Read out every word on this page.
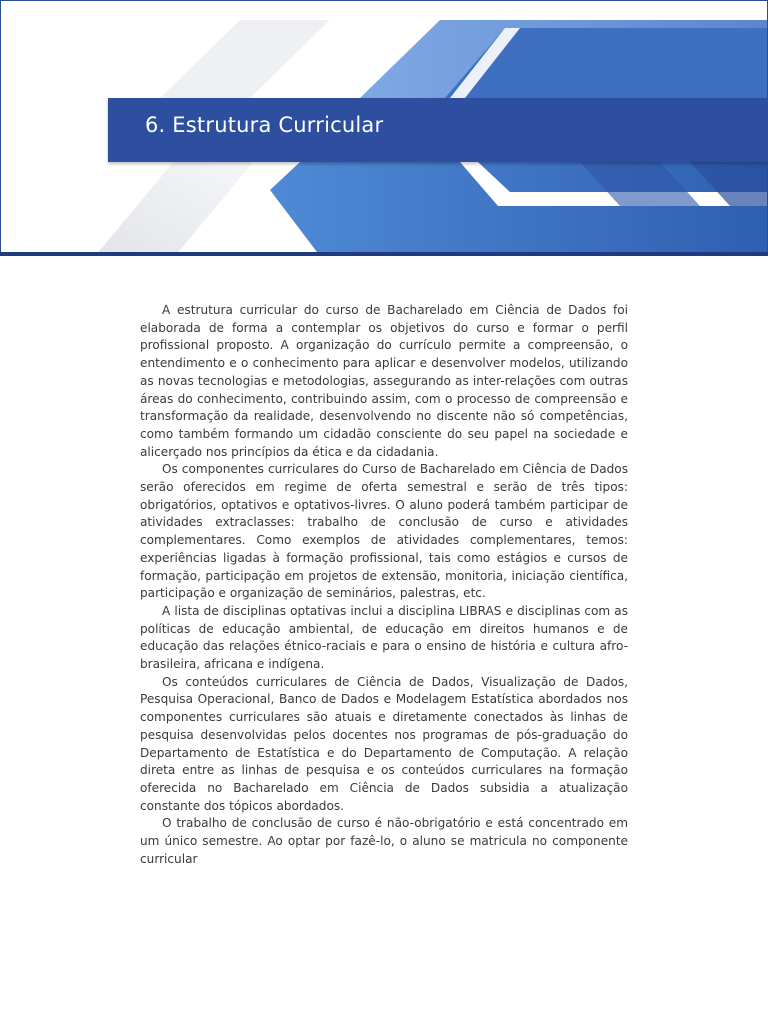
6. Estrutura Curricular

A estrutura curricular do curso de Bacharelado em Ciência de Dados foi elaborada de forma a contemplar os objetivos do curso e formar o perfil profissional proposto. A organização do currículo permite a compreensão, o entendimento e o conhecimento para aplicar e desenvolver modelos, utilizando as novas tecnologias e metodologias, assegurando as inter-relações com outras áreas do conhecimento, contribuindo assim, com o processo de compreensão e transformação da realidade, desenvolvendo no discente não só competências, como também formando um cidadão consciente do seu papel na sociedade e alicerçado nos princípios da ética e da cidadania.

Os componentes curriculares do Curso de Bacharelado em Ciência de Dados serão oferecidos em regime de oferta semestral e serão de três tipos: obrigatórios, optativos e optativos-livres. O aluno poderá também participar de atividades extraclasses: trabalho de conclusão de curso e atividades complementares. Como exemplos de atividades complementares, temos: experiências ligadas à formação profissional, tais como estágios e cursos de formação, participação em projetos de extensão, monitoria, iniciação científica, participação e organização de seminários, palestras, etc.

A lista de disciplinas optativas inclui a disciplina LIBRAS e disciplinas com as políticas de educação ambiental, de educação em direitos humanos e de educação das relações étnico-raciais e para o ensino de história e cultura afro-brasileira, africana e indígena.

Os conteúdos curriculares de Ciência de Dados, Visualização de Dados, Pesquisa Operacional, Banco de Dados e Modelagem Estatística abordados nos componentes curriculares são atuais e diretamente conectados às linhas de pesquisa desenvolvidas pelos docentes nos programas de pós-graduação do Departamento de Estatística e do Departamento de Computação. A relação direta entre as linhas de pesquisa e os conteúdos curriculares na formação oferecida no Bacharelado em Ciência de Dados subsidia a atualização constante dos tópicos abordados.

O trabalho de conclusão de curso é não-obrigatório e está concentrado em um único semestre. Ao optar por fazê-lo, o aluno se matricula no componente curricular
